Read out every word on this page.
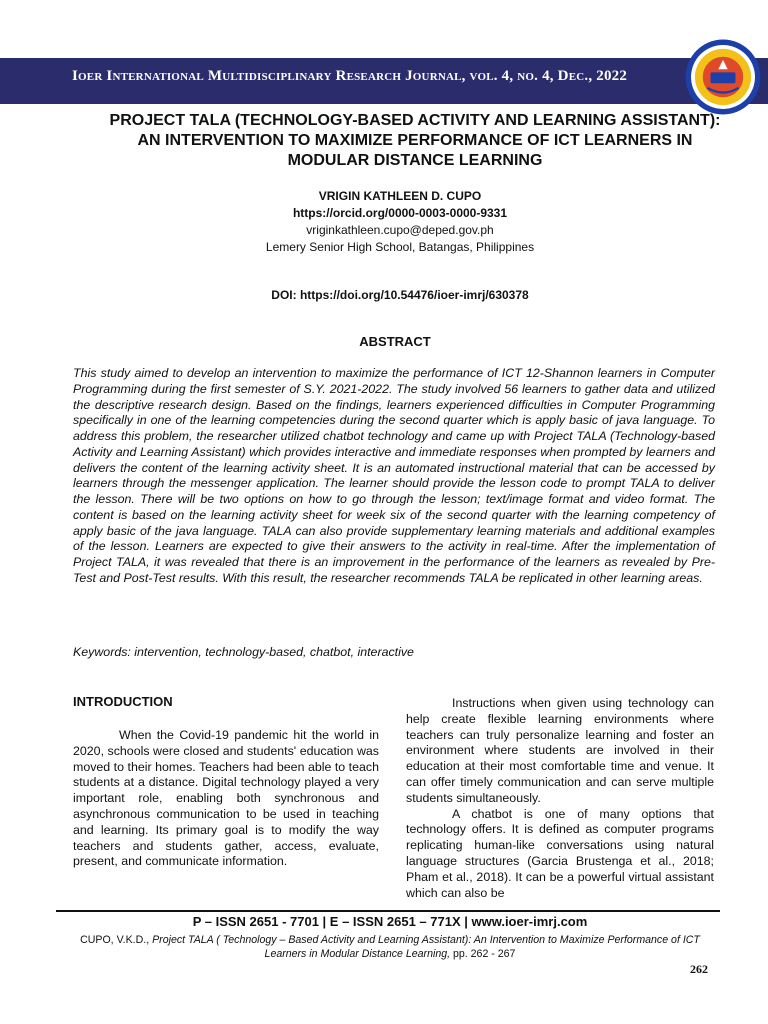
Ioer International Multidisciplinary Research Journal, vol. 4, no. 4, Dec., 2022
PROJECT TALA (TECHNOLOGY-BASED ACTIVITY AND LEARNING ASSISTANT): AN INTERVENTION TO MAXIMIZE PERFORMANCE OF ICT LEARNERS IN MODULAR DISTANCE LEARNING
VRIGIN KATHLEEN D. CUPO
https://orcid.org/0000-0003-0000-9331
vriginkathleen.cupo@deped.gov.ph
Lemery Senior High School, Batangas, Philippines
DOI: https://doi.org/10.54476/ioer-imrj/630378
ABSTRACT
This study aimed to develop an intervention to maximize the performance of ICT 12-Shannon learners in Computer Programming during the first semester of S.Y. 2021-2022. The study involved 56 learners to gather data and utilized the descriptive research design. Based on the findings, learners experienced difficulties in Computer Programming specifically in one of the learning competencies during the second quarter which is apply basic of java language. To address this problem, the researcher utilized chatbot technology and came up with Project TALA (Technology-based Activity and Learning Assistant) which provides interactive and immediate responses when prompted by learners and delivers the content of the learning activity sheet. It is an automated instructional material that can be accessed by learners through the messenger application. The learner should provide the lesson code to prompt TALA to deliver the lesson. There will be two options on how to go through the lesson; text/image format and video format. The content is based on the learning activity sheet for week six of the second quarter with the learning competency of apply basic of the java language. TALA can also provide supplementary learning materials and additional examples of the lesson. Learners are expected to give their answers to the activity in real-time. After the implementation of Project TALA, it was revealed that there is an improvement in the performance of the learners as revealed by Pre-Test and Post-Test results. With this result, the researcher recommends TALA be replicated in other learning areas.
Keywords: intervention, technology-based, chatbot, interactive
INTRODUCTION

When the Covid-19 pandemic hit the world in 2020, schools were closed and students' education was moved to their homes. Teachers had been able to teach students at a distance. Digital technology played a very important role, enabling both synchronous and asynchronous communication to be used in teaching and learning. Its primary goal is to modify the way teachers and students gather, access, evaluate, present, and communicate information.

Instructions when given using technology can help create flexible learning environments where teachers can truly personalize learning and foster an environment where students are involved in their education at their most comfortable time and venue. It can offer timely communication and can serve multiple students simultaneously.

A chatbot is one of many options that technology offers. It is defined as computer programs replicating human-like conversations using natural language structures (Garcia Brustenga et al., 2018; Pham et al., 2018). It can be a powerful virtual assistant which can also be

P – ISSN 2651 - 7701 | E – ISSN 2651 – 771X | www.ioer-imrj.com
CUPO, V.K.D., Project TALA ( Technology – Based Activity and Learning Assistant): An Intervention to Maximize Performance of ICT Learners in Modular Distance Learning, pp. 262 - 267
262
